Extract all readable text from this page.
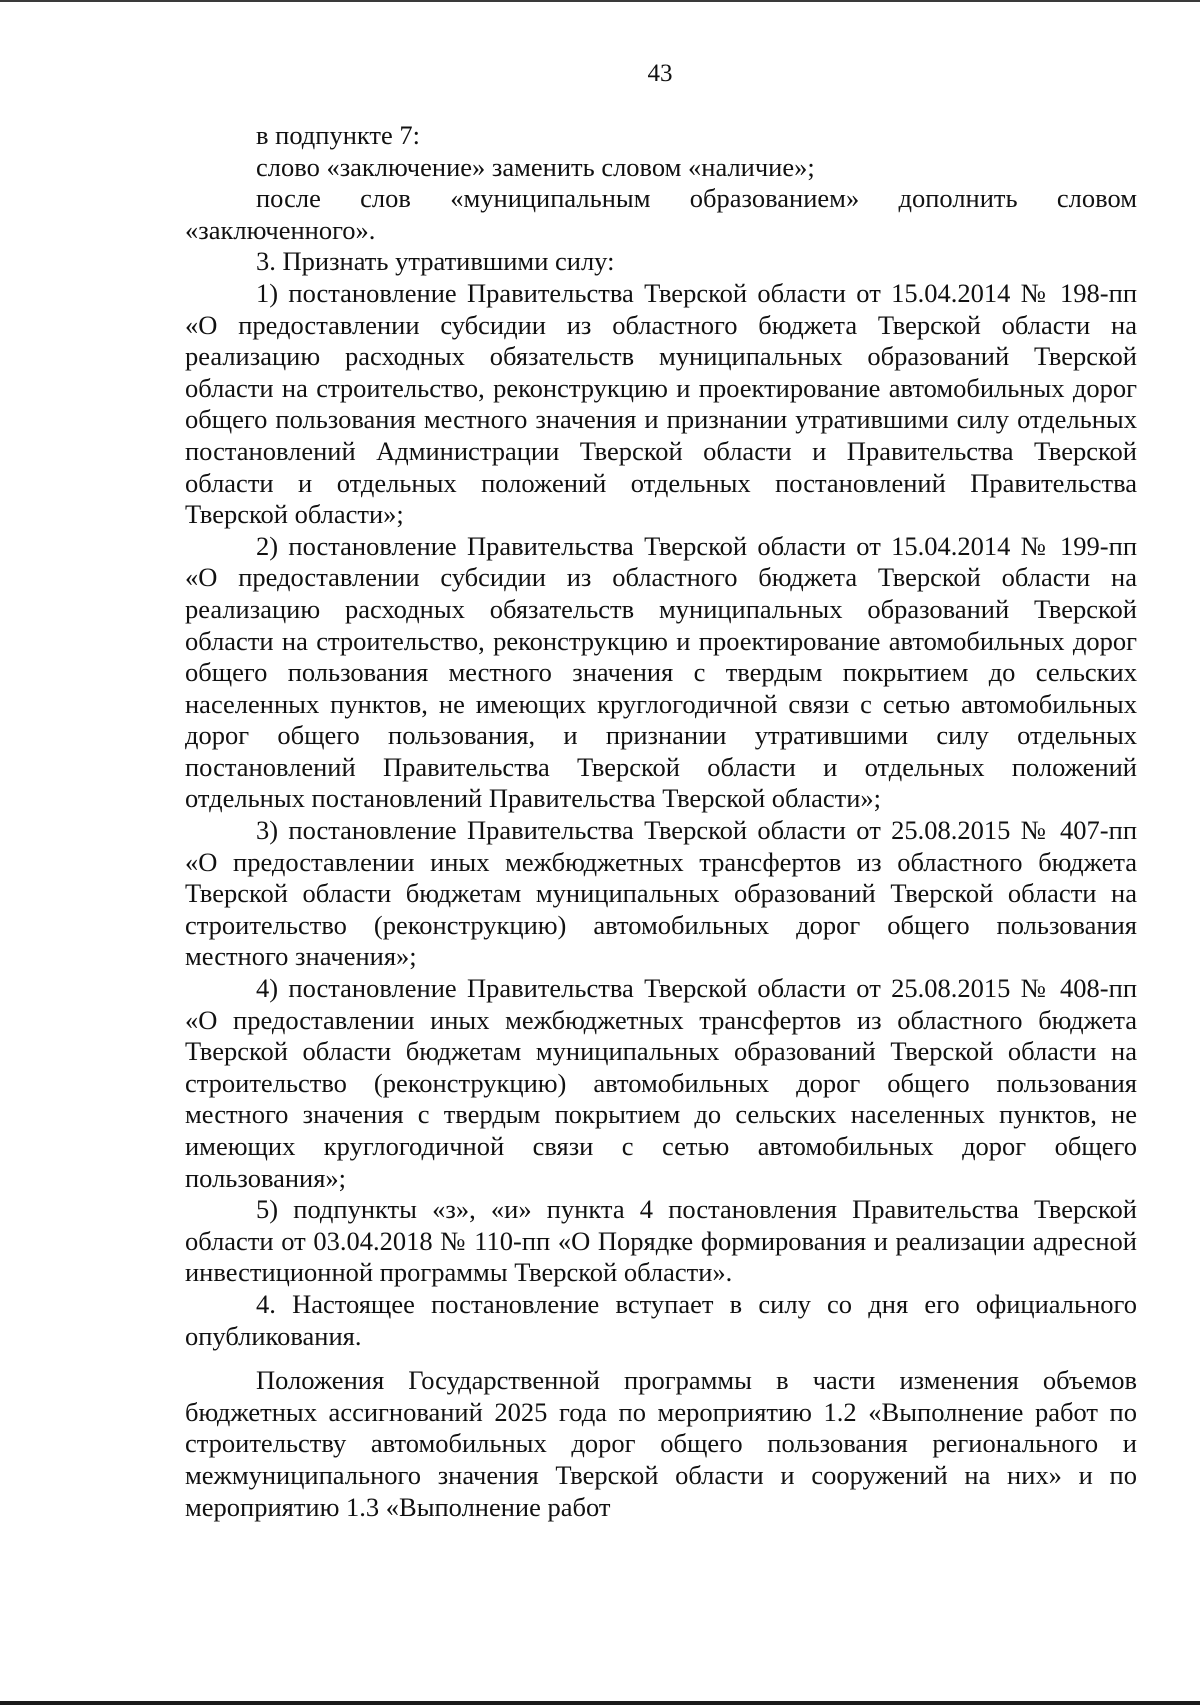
43

в подпункте 7:

слово «заключение» заменить словом «наличие»;

после слов «муниципальным образованием» дополнить словом «заключенного».

3. Признать утратившими силу:

1) постановление Правительства Тверской области от 15.04.2014 № 198-пп «О предоставлении субсидии из областного бюджета Тверской области на реализацию расходных обязательств муниципальных образований Тверской области на строительство, реконструкцию и проектирование автомобильных дорог общего пользования местного значения и признании утратившими силу отдельных постановлений Администрации Тверской области и Правительства Тверской области и отдельных положений отдельных постановлений Правительства Тверской области»;

2) постановление Правительства Тверской области от 15.04.2014 № 199-пп «О предоставлении субсидии из областного бюджета Тверской области на реализацию расходных обязательств муниципальных образований Тверской области на строительство, реконструкцию и проектирование автомобильных дорог общего пользования местного значения с твердым покрытием до сельских населенных пунктов, не имеющих круглогодичной связи с сетью автомобильных дорог общего пользования, и признании утратившими силу отдельных постановлений Правительства Тверской области и отдельных положений отдельных постановлений Правительства Тверской области»;

3) постановление Правительства Тверской области от 25.08.2015 № 407-пп «О предоставлении иных межбюджетных трансфертов из областного бюджета Тверской области бюджетам муниципальных образований Тверской области на строительство (реконструкцию) автомобильных дорог общего пользования местного значения»;

4) постановление Правительства Тверской области от 25.08.2015 № 408-пп «О предоставлении иных межбюджетных трансфертов из областного бюджета Тверской области бюджетам муниципальных образований Тверской области на строительство (реконструкцию) автомобильных дорог общего пользования местного значения с твердым покрытием до сельских населенных пунктов, не имеющих круглогодичной связи с сетью автомобильных дорог общего пользования»;

5) подпункты «з», «и» пункта 4 постановления Правительства Тверской области от 03.04.2018 № 110-пп «О Порядке формирования и реализации адресной инвестиционной программы Тверской области».

4. Настоящее постановление вступает в силу со дня его официального опубликования.

Положения Государственной программы в части изменения объемов бюджетных ассигнований 2025 года по мероприятию 1.2 «Выполнение работ по строительству автомобильных дорог общего пользования регионального и межмуниципального значения Тверской области и сооружений на них» и по мероприятию 1.3 «Выполнение работ
